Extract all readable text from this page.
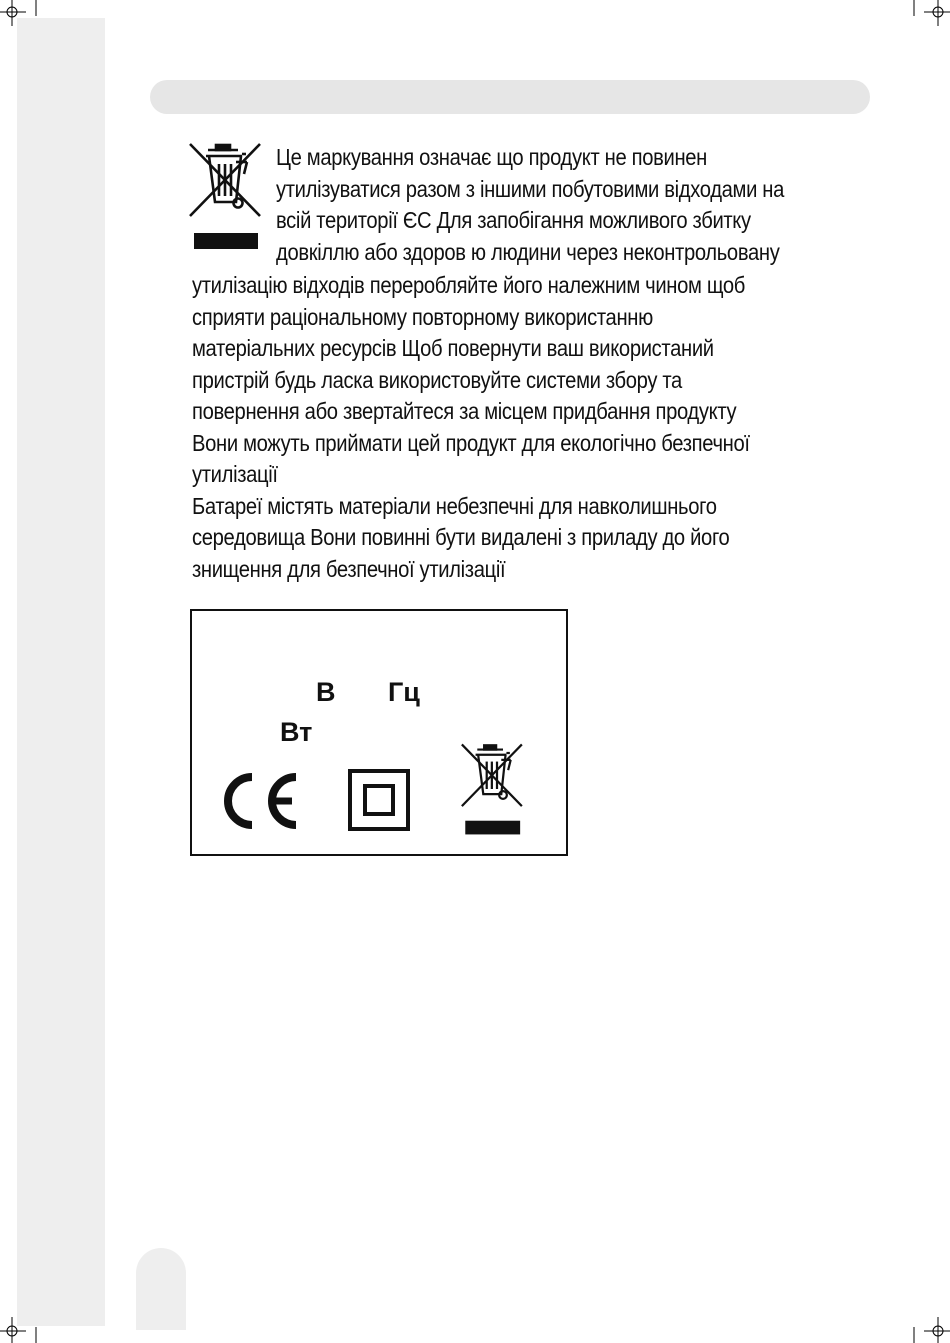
Це маркування означає що продукт не повинен
утилізуватися разом з іншими побутовими відходами на
всій території ЄС Для запобігання можливого збитку
довкіллю або здоров ю людини через неконтрольовану

утилізацію відходів переробляйте його належним чином щоб
сприяти раціональному повторному використанню
матеріальних ресурсів Щоб повернути ваш використаний
пристрій будь ласка використовуйте системи збору та
повернення або звертайтеся за місцем придбання продукту
Вони можуть приймати цей продукт для екологічно безпечної
утилізації
Батареї містять матеріали небезпечні для навколишнього
середовища Вони повинні бути видалені з приладу до його
знищення для безпечної утилізації

В Гц
Вт
